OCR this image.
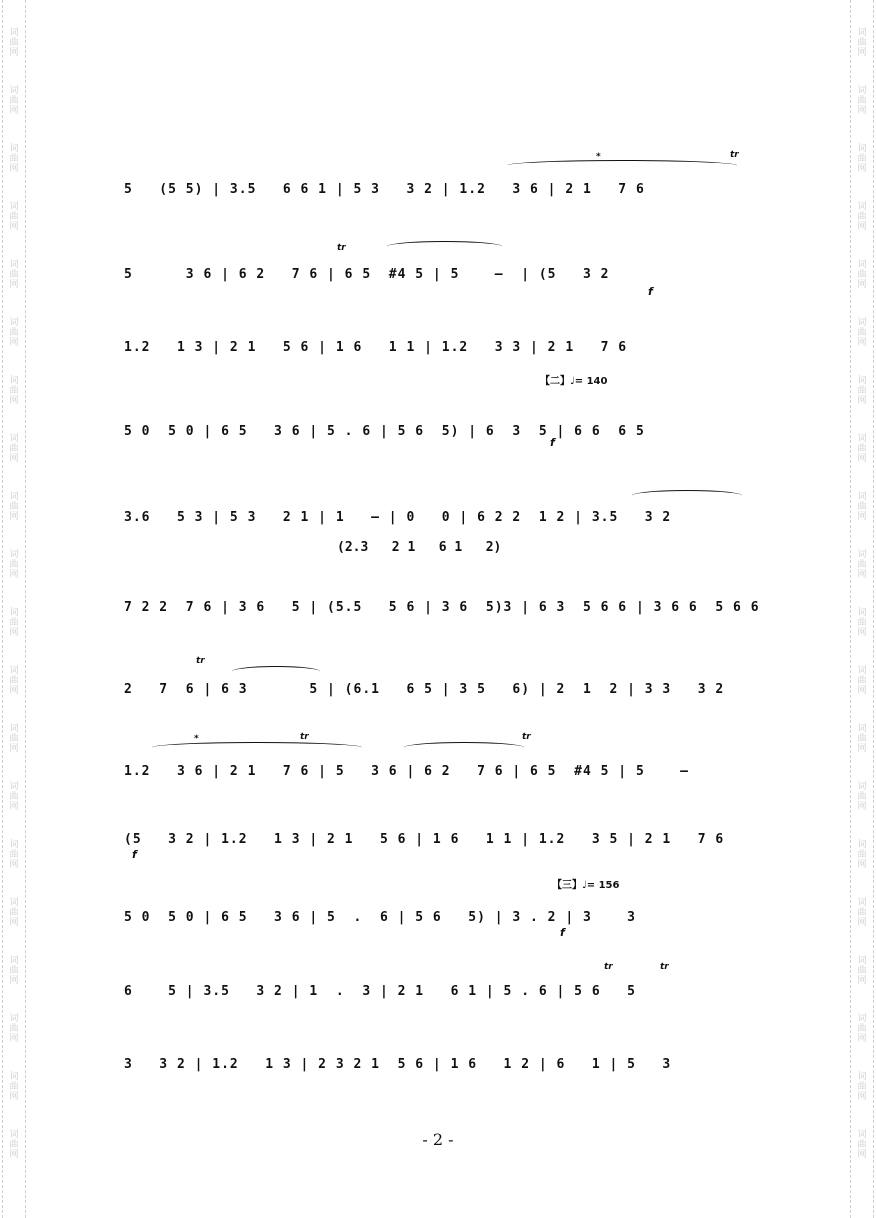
词
曲
网
词
曲
网
词
曲
网
词
曲
网
词
曲
网
词
曲
网
词
曲
网
词
曲
网
词
曲
网
词
曲
网
词
曲
网
词
曲
网
词
曲
网
词
曲
网
词
曲
网
词
曲
网
词
曲
网
词
曲
网
词
曲
网
词
曲
网
词
曲
网
词
曲
网
词
曲
网
词
曲
网
词
曲
网
词
曲
网
词
曲
网
词
曲
网
词
曲
网
词
曲
网
词
曲
网
词
曲
网
词
曲
网
词
曲
网
词
曲
网
词
曲
网
词
曲
网
词
曲
网
词
曲
网
词
曲
网
*	tr
5   (5 5) | 3.5   6 6 1 | 5 3   3 2 | 1.2   3 6 | 2 1   7 6
tr
f
5      3 6 | 6 2   7 6 | 6 5  #4 5 | 5    —  | (5   3 2
1.2   1 3 | 2 1   5 6 | 1 6   1 1 | 1.2   3 3 | 2 1   7 6
【二】♩= 140
f
5 0  5 0 | 6 5   3 6 | 5 . 6 | 5 6  5) | 6  3  5 | 6 6  6 5
3.6   5 3 | 5 3   2 1 | 1   — | 0   0 | 6 2 2  1 2 | 3.5   3 2
(2.3   2 1   6 1   2)
7 2 2  7 6 | 3 6   5 | (5.5   5 6 | 3 6  5)3 | 6 3  5 6 6 | 3 6 6  5 6 6
tr
2   7  6 | 6 3       5 | (6.1   6 5 | 3 5   6) | 2  1  2 | 3 3   3 2
*	tr	tr
1.2   3 6 | 2 1   7 6 | 5   3 6 | 6 2   7 6 | 6 5  #4 5 | 5    —
f
(5   3 2 | 1.2   1 3 | 2 1   5 6 | 1 6   1 1 | 1.2   3 5 | 2 1   7 6
【三】♩= 156
f
5 0  5 0 | 6 5   3 6 | 5  .  6 | 5 6   5) | 3 . 2 | 3    3
tr	tr
6    5 | 3.5   3 2 | 1  .  3 | 2 1   6 1 | 5 . 6 | 5 6   5
3   3 2 | 1.2   1 3 | 2 3 2 1  5 6 | 1 6   1 2 | 6   1 | 5   3
- 2 -
